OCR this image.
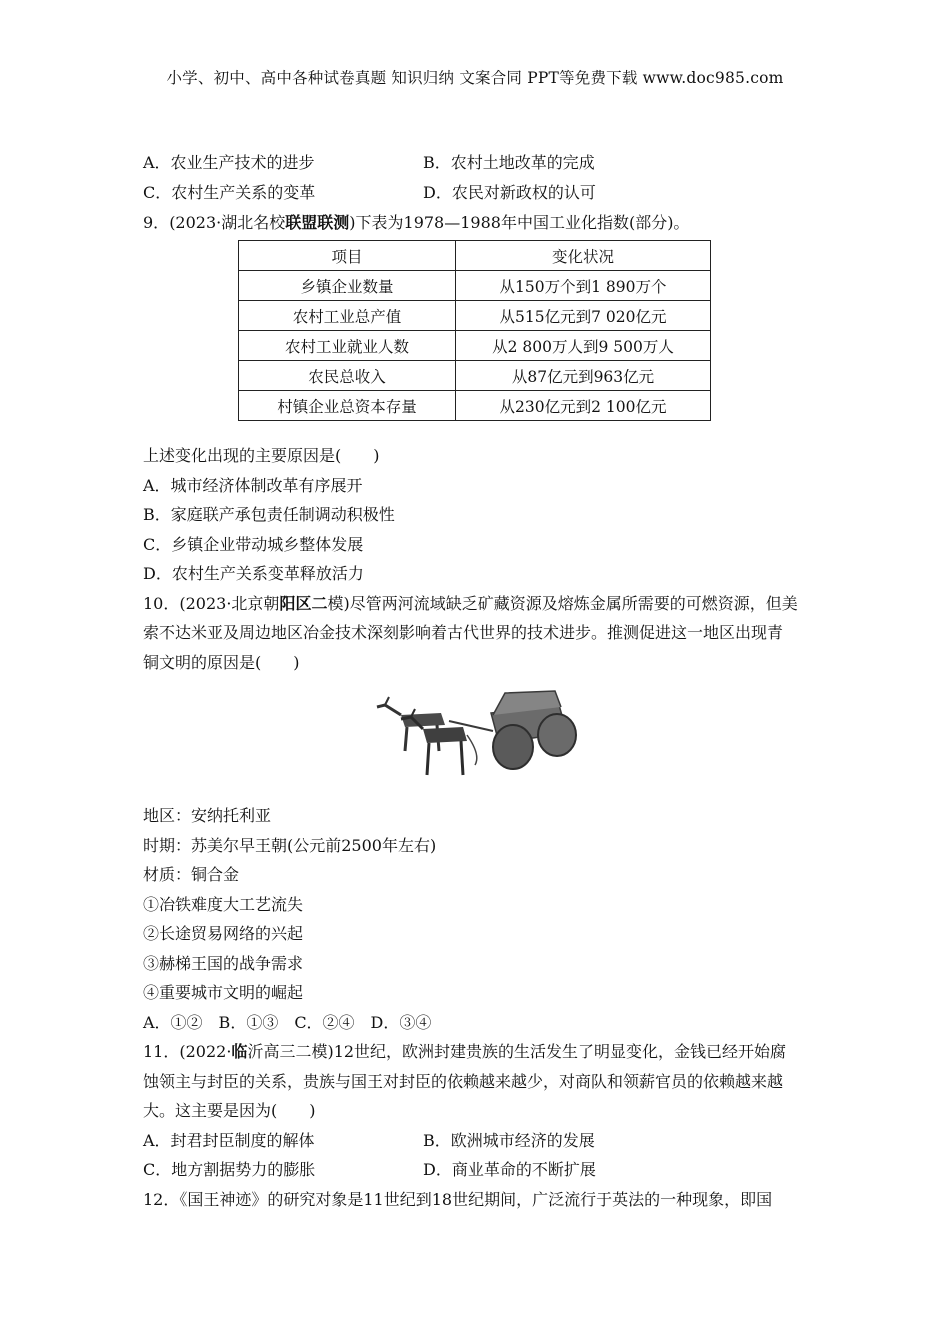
小学、初中、高中各种试卷真题 知识归纳 文案合同 PPT等免费下载 www.doc985.com
A．农业生产技术的进步	B．农村土地改革的完成
C．农村生产关系的变革	D．农民对新政权的认可
9．(2023·湖北名校联盟联测)下表为1978—1988年中国工业化指数(部分)。
项目	变化状况
乡镇企业数量	从150万个到1 890万个
农村工业总产值	从515亿元到7 020亿元
农村工业就业人数	从2 800万人到9 500万人
农民总收入	从87亿元到963亿元
村镇企业总资本存量	从230亿元到2 100亿元
上述变化出现的主要原因是(　　)
A．城市经济体制改革有序展开
B．家庭联产承包责任制调动积极性
C．乡镇企业带动城乡整体发展
D．农村生产关系变革释放活力
10．(2023·北京朝阳区二模)尽管两河流域缺乏矿藏资源及熔炼金属所需要的可燃资源，但美
索不达米亚及周边地区冶金技术深刻影响着古代世界的技术进步。推测促进这一地区出现青
铜文明的原因是(　　)
地区：安纳托利亚
时期：苏美尔早王朝(公元前2500年左右)
材质：铜合金
①冶铁难度大工艺流失
②长途贸易网络的兴起
③赫梯王国的战争需求
④重要城市文明的崛起
A．①②　B．①③　C．②④　D．③④
11．(2022·临沂高三二模)12世纪，欧洲封建贵族的生活发生了明显变化，金钱已经开始腐
蚀领主与封臣的关系，贵族与国王对封臣的依赖越来越少，对商队和领薪官员的依赖越来越
大。这主要是因为(　　)
A．封君封臣制度的解体	B．欧洲城市经济的发展
C．地方割据势力的膨胀	D．商业革命的不断扩展
12．《国王神迹》的研究对象是11世纪到18世纪期间，广泛流行于英法的一种现象，即国
